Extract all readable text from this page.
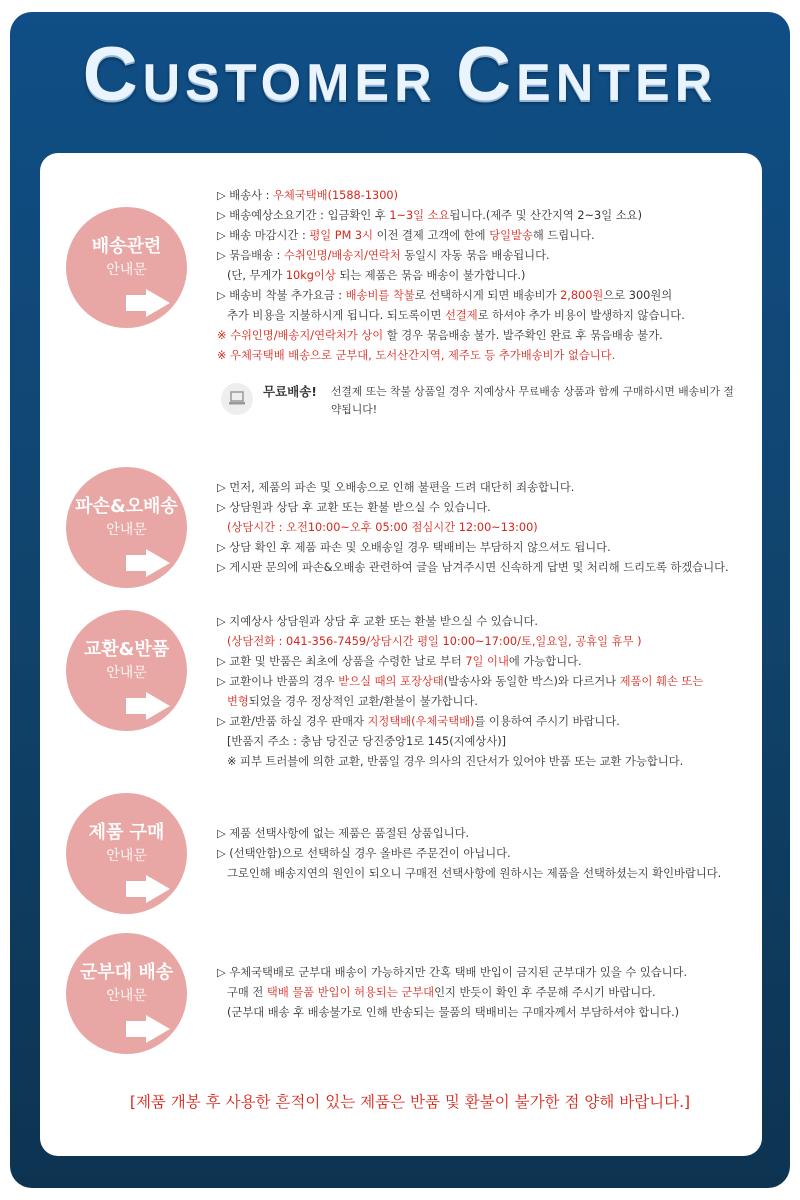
CUSTOMER CENTER
배송관련
안내문
파손&오배송
안내문
교환&반품
안내문
제품 구매
안내문
군부대 배송
안내문
▷ 배송사 : 우체국택배(1588-1300)
▷ 배송예상소요기간 : 입금확인 후 1~3일 소요됩니다.(제주 및 산간지역 2~3일 소요)
▷ 배송 마감시간 : 평일 PM 3시 이전 결제 고객에 한에 당일발송해 드립니다.
▷ 묶음배송 : 수취인명/배송지/연락처 동일시 자동 묶음 배송됩니다.
(단, 무게가 10kg이상 되는 제품은 묶음 배송이 불가합니다.)
▷ 배송비 착불 추가요금 : 배송비를 착불로 선택하시게 되면 배송비가 2,800원으로 300원의
추가 비용을 지불하시게 됩니다. 되도록이면 선결제로 하셔야 추가 비용이 발생하지 않습니다.
※ 수위인명/배송지/연락처가 상이 할 경우 묶음배송 불가. 발주확인 완료 후 묶음배송 불가.
※ 우체국택배 배송으로 군부대, 도서산간지역, 제주도 등 추가배송비가 없습니다.
▷ 먼저, 제품의 파손 및 오배송으로 인해 불편을 드려 대단히 죄송합니다.
▷ 상담원과 상담 후 교환 또는 환불 받으실 수 있습니다.
(상담시간 : 오전10:00~오후 05:00 점심시간 12:00~13:00)
▷ 상담 확인 후 제품 파손 및 오배송일 경우 택배비는 부담하지 않으셔도 됩니다.
▷ 게시판 문의에 파손&오배송 관련하여 글을 남겨주시면 신속하게 답변 및 처리해 드리도록 하겠습니다.
▷ 지예상사 상담원과 상담 후 교환 또는 환불 받으실 수 있습니다.
(상담전화 : 041-356-7459/상담시간 평일 10:00~17:00/토,일요일, 공휴일 휴무 )
▷ 교환 및 반품은 최초에 상품을 수령한 날로 부터 7일 이내에 가능합니다.
▷ 교환이나 반품의 경우 받으실 때의 포장상태(발송사와 동일한 박스)와 다르거나 제품이 훼손 또는
변형되었을 경우 정상적인 교환/환불이 불가합니다.
▷ 교환/반품 하실 경우 판매자 지정택배(우체국택배)를 이용하여 주시기 바랍니다.
[반품지 주소 : 충남 당진군 당진중앙1로 145(지예상사)]
※ 피부 트러블에 의한 교환, 반품일 경우 의사의 진단서가 있어야 반품 또는 교환 가능합니다.
▷ 제품 선택사항에 없는 제품은 품절된 상품입니다.
▷ (선택안함)으로 선택하실 경우 올바른 주문건이 아닙니다.
그로인해 배송지연의 원인이 되오니 구매전 선택사항에 원하시는 제품을 선택하셨는지 확인바랍니다.
▷ 우체국택배로 군부대 배송이 가능하지만 간혹 택배 반입이 금지된 군부대가 있을 수 있습니다.
구매 전 택배 물품 반입이 허용되는 군부대인지 반듯이 확인 후 주문해 주시기 바랍니다.
(군부대 배송 후 배송불가로 인해 반송되는 물품의 택배비는 구매자께서 부담하셔야 합니다.)
무료배송! 선결제 또는 착불 상품일 경우 지예상사 무료배송 상품과 함께 구매하시면 배송비가 절약됩니다!
[제품 개봉 후 사용한 흔적이 있는 제품은 반품 및 환불이 불가한 점 양해 바랍니다.]
